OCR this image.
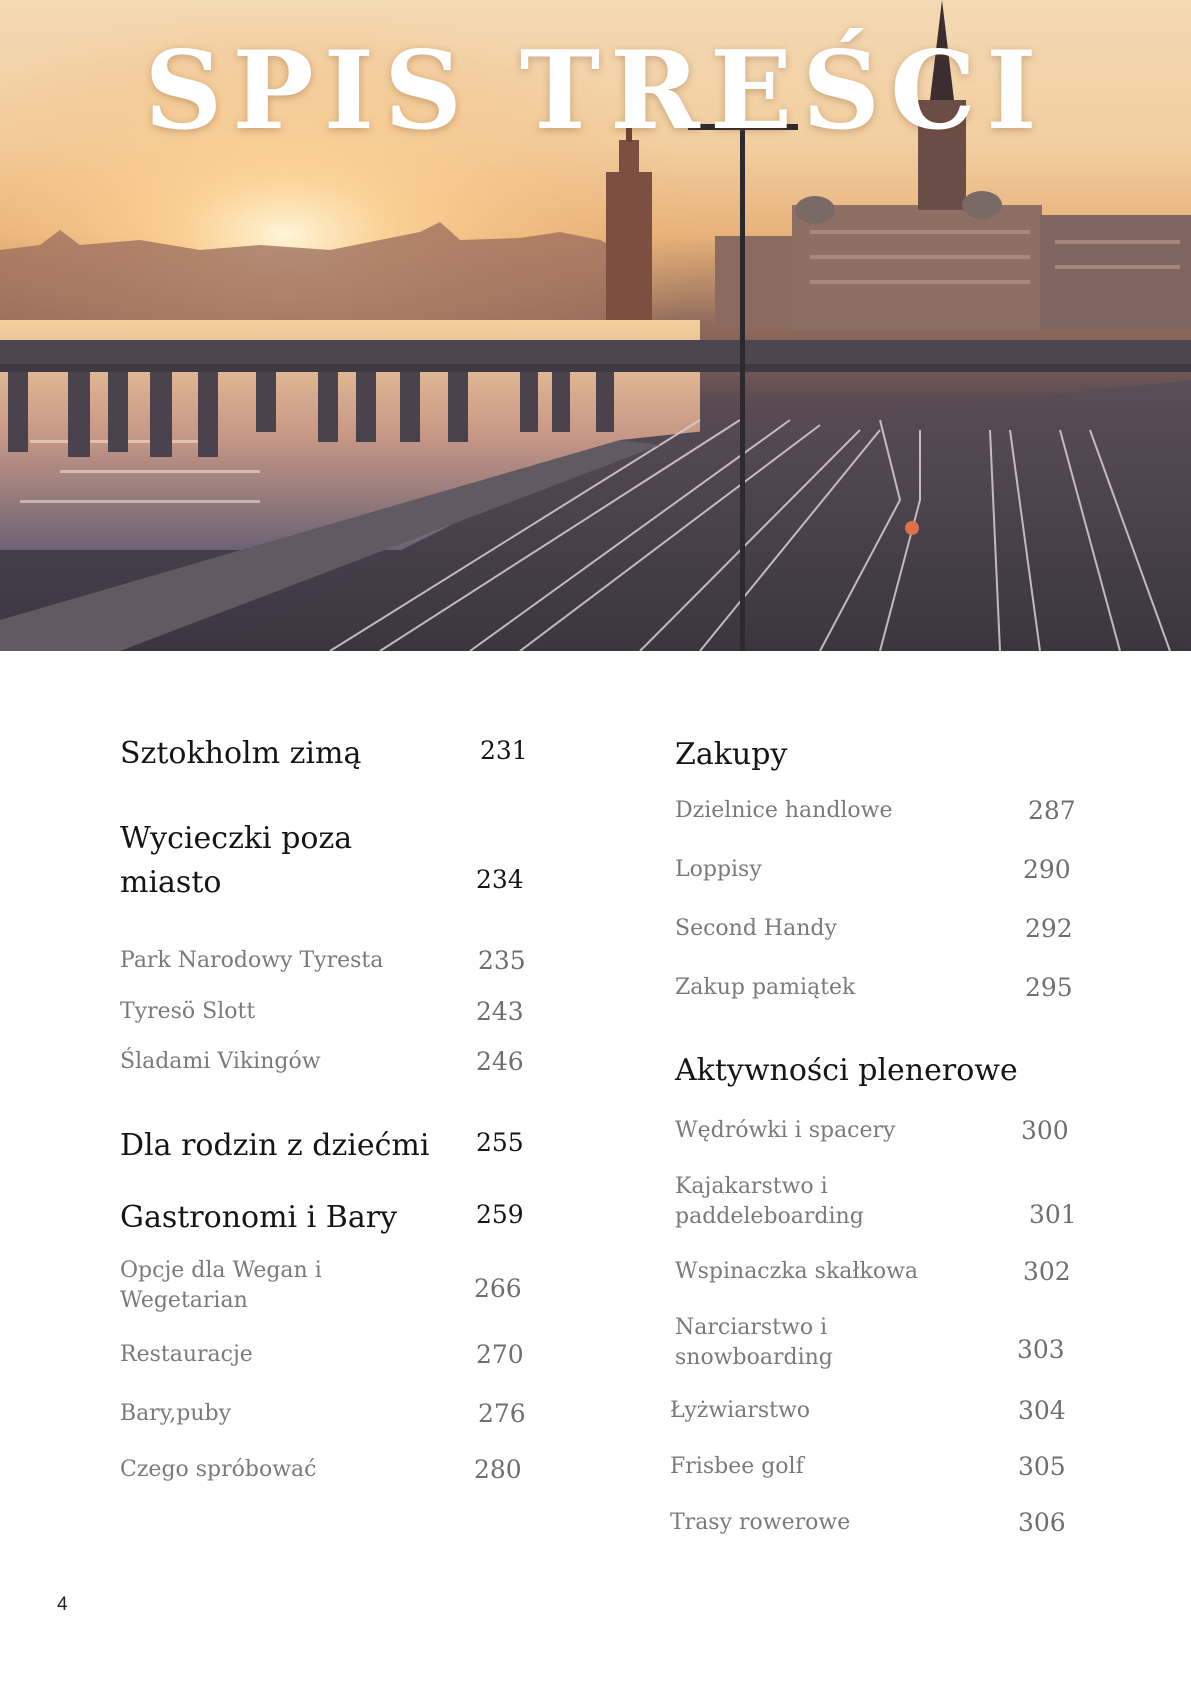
SPIS TREŚCI
Sztokholm zimą	231
Wycieczki poza miasto	234
Park Narodowy Tyresta	235
Tyresö Slott	243
Śladami Vikingów	246
Dla rodzin z dziećmi	255
Gastronomi i Bary	259
Opcje dla Wegan i Wegetarian	266
Restauracje	270
Bary,puby	276
Czego spróbować	280
Zakupy
Dzielnice handlowe	287
Loppisy	290
Second Handy	292
Zakup pamiątek	295
Aktywności plenerowe
Wędrówki i spacery	300
Kajakarstwo i paddeleboarding	301
Wspinaczka skałkowa	302
Narciarstwo i snowboarding	303
Łyżwiarstwo	304
Frisbee golf	305
Trasy rowerowe	306
4
